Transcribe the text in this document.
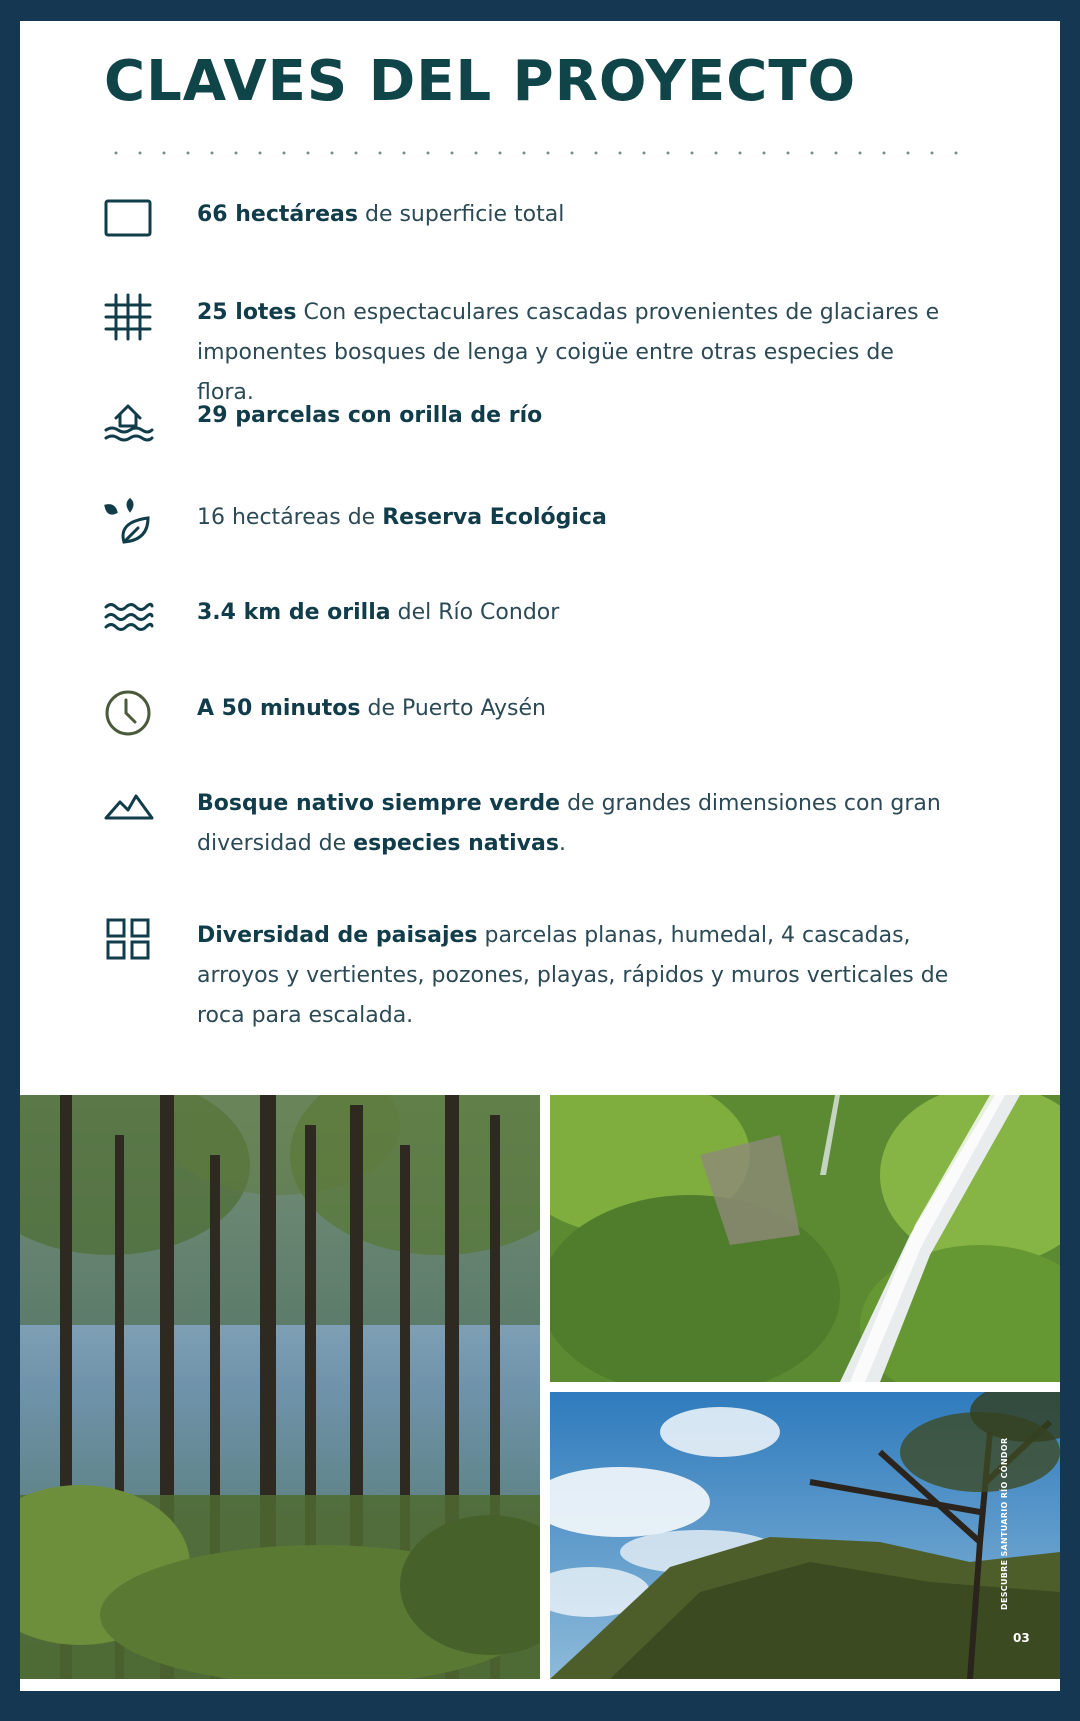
CLAVES DEL PROYECTO
66 hectáreas de superficie total
25 lotes Con espectaculares cascadas provenientes de glaciares e imponentes bosques de lenga y coigüe entre otras especies de flora.
29 parcelas con orilla de río
16 hectáreas de Reserva Ecológica
3.4 km de orilla del Río Condor
A 50 minutos de Puerto Aysén
Bosque nativo siempre verde de grandes dimensiones con gran diversidad de especies nativas.
Diversidad de paisajes parcelas planas, humedal, 4 cascadas, arroyos y vertientes, pozones, playas, rápidos y muros verticales de roca para escalada.
DESCUBRE SANTUARIO RÍO CÓNDOR
03
